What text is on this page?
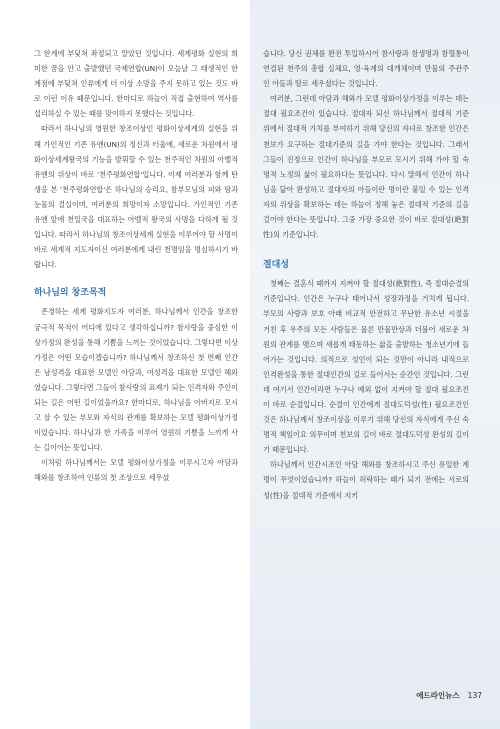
그 한계에 부딪쳐 좌절되고 말았던 것입니다. 세계평화 실현의 희미한 꿈을 안고 출발했던 국제연합(UN)이 오늘날 그 태생적인 한계점에 부딪쳐 인류에게 더 이상 소망을 주지 못하고 있는 것도 바로 이런 이유 때문입니다. 한마디로 하늘이 직접 출현하여 역사를 섭리하실 수 있는 때를 맞이하지 못했다는 것입니다.

따라서 하나님의 영원한 창조이상인 평화이상세계의 실현을 위해 가인적인 기존 유엔(UN)의 정신과 터울에, 새로운 차원에서 평화이상세계왕국의 기능을 발휘할 수 있는 천주적인 차원의 아벨적 유엔의 위상이 바로 '천주평화연합'입니다. 이제 여러분과 함께 탄생을 본 '천주평화연합'은 하나님의 승리요, 참부모님의 피와 땀과 눈물의 결실이며, 여러분의 희망이자 소망입니다. 가인적인 기존 유엔 앞에 천일국을 대표하는 아벨적 왕국의 사명을 다하게 될 것입니다. 따라서 하나님의 창조이상세계 실현을 이루어야 할 사명이 바로 세계적 지도자이신 여러분에게 내린 천명임을 명심하시기 바랍니다.

하나님의 창조목적

존경하는 세계 평화지도자 여러분, 하나님께서 인간을 창조한 궁극적 목적이 어디에 있다고 생각하십니까? 참사랑을 중심한 이상가정의 완성을 통해 기쁨을 느끼는 것이었습니다. 그렇다면 이상가정은 어떤 모습이겠습니까? 하나님께서 창조하신 첫 번째 인간은 남성격을 대표한 모델인 아담과, 여성격을 대표한 모델인 해와였습니다. 그렇다면 그들이 참사랑의 표제가 되는 인격자와 주인이 되는 길은 어떤 길이었을까요? 한마디로, 하나님을 아버지로 모시고 살 수 있는 부모와 자식의 관계를 확보하는 모델 평화이상가정이었습니다. 하나님과 한 가족을 이루어 영원히 기쁨을 느끼게 사는 길이어는 뜻입니다.

이처럼 하나님께서는 모델 평화이상가정을 이루시고자 아담과 해와를 창조하여 인류의 첫 조상으로 세우셨

습니다. 당신 권체를 완전 투입하시어 참사랑과 참생명과 참혈통이 연결된 천주의 총합 실체요, 영·육계의 대개체이며 만물의 주관주인 아들과 딸로 세우셨다는 것입니다.

여러분, 그런데 아담과 해와가 모델 평화이상가정을 이루는 데는 절대 필요조건이 있습니다. 절대자 되신 하나님께서 절대적 기준 위에서 절대적 가치를 부여하기 위해 당신의 자녀로 창조한 인간은 천보가 요구하는 절대기준의 길을 가야 한다는 것입니다. 그래서 그들이 진정으로 인간이 하나님을 부모로 모시기 위해 가야 할 숙명적 노정의 삶이 필요하다는 뜻입니다. 다시 말해서 인간이 하나님을 닮아 완성하고 절대자의 아들이란 명이란 붙일 수 있는 인격자의 위상을 확보하는 데는 하늘이 정해 놓은 절대적 기준의 길을 걸어야 한다는 뜻입니다. 그중 가장 중요한 것이 바로 절대성(絶對性)의 기준입니다.

절대성

첫째는 결혼식 때까지 지켜야 할 절대성(絶對性), 즉 절대순결의 기준입니다. 인간은 누구나 태어나서 성장과정을 거치게 됩니다. 부모의 사랑과 보호 아래 비교적 안전하고 무난한 유소년 시절을 거친 후 우주의 모든 사람들은 물론 만물만상과 더불어 새로운 차원의 관계를 맺으며 새롭게 태동하는 삶을 출발하는 청소년기에 들어가는 것입니다. 의적으로 성인이 되는 것만이 아니라 내적으로 인격완성을 통한 절대인간의 길로 들어서는 순간인 것입니다. 그런데 여기서 인간이라면 누구나 예외 없이 지켜야 할 절대 필요조건이 바로 순결입니다. 순결이 인간에게 절대도덕성(性) 필요조건인 것은 하나님께서 창조이상을 이루기 위해 당신의 자식에게 주신 숙명적 책임이요 의무이며 천보의 길이 바로 절대도덕성 완성의 길이기 때문입니다.

하나님께서 인간시조인 아담 해와를 창조하시고 주신 유일한 계명이 무엇이었습니까? 하늘이 허락하는 때가 되기 전에는 서로의 성(性)을 절대적 기준에서 지키

에드라인뉴스 137
